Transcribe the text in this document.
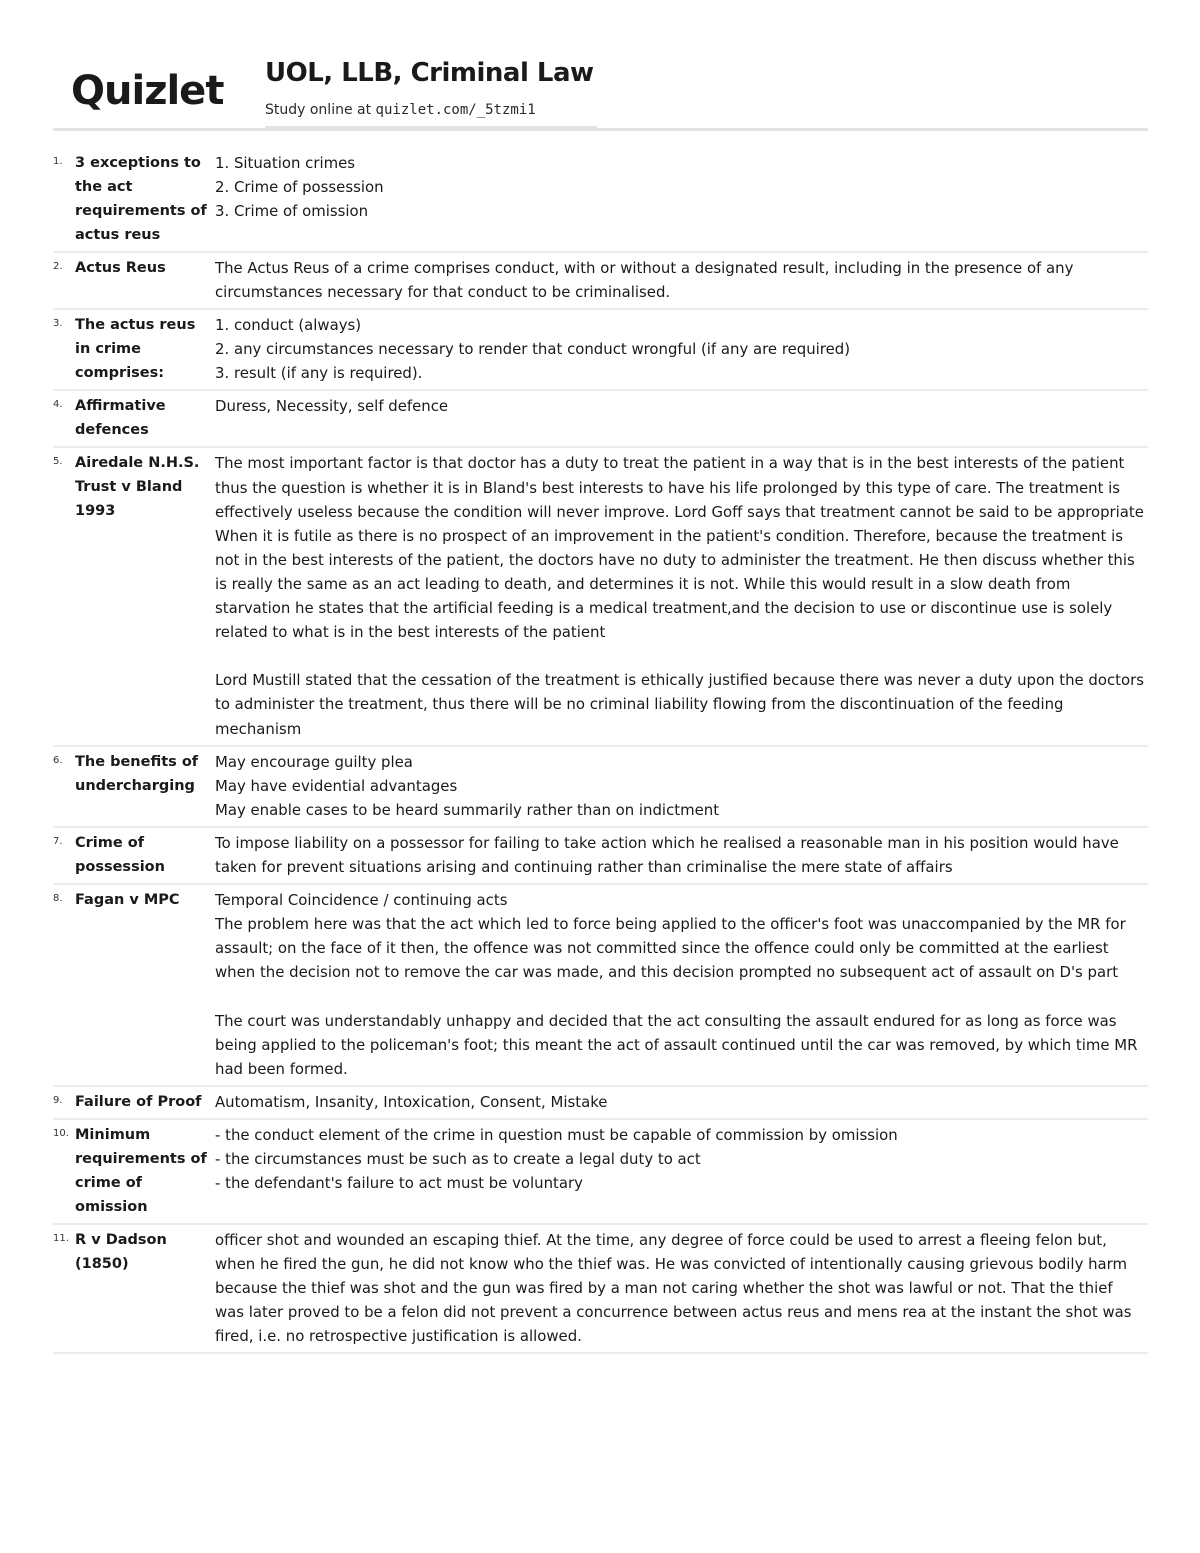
Quizlet UOL, LLB, Criminal Law
Study online at quizlet.com/_5tzmi1
1. 3 exceptions to the act requirements of actus reus
1. Situation crimes
2. Crime of possession
3. Crime of omission
2. Actus Reus	The Actus Reus of a crime comprises conduct, with or without a designated result, including in the presence of any circumstances necessary for that conduct to be criminalised.
3. The actus reus in crime comprises:
1. conduct (always)
2. any circumstances necessary to render that conduct wrongful (if any are required)
3. result (if any is required).
4. Affirmative defences
Duress, Necessity, self defence
5. Airedale N.H.S. Trust v Bland 1993
The most important factor is that doctor has a duty to treat the patient in a way that is in the best interests of the patient thus the question is whether it is in Bland's best interests to have his life prolonged by this type of care. The treatment is effectively useless because the condition will never improve. Lord Goff says that treatment cannot be said to be appropriate When it is futile as there is no prospect of an improvement in the patient's condition. Therefore, because the treatment is not in the best interests of the patient, the doctors have no duty to administer the treatment. He then discuss whether this is really the same as an act leading to death, and determines it is not. While this would result in a slow death from starvation he states that the artificial feeding is a medical treatment,and the decision to use or discontinue use is solely related to what is in the best interests of the patient

Lord Mustill stated that the cessation of the treatment is ethically justified because there was never a duty upon the doctors to administer the treatment, thus there will be no criminal liability flowing from the discontinuation of the feeding mechanism
6. The benefits of undercharging
May encourage guilty plea
May have evidential advantages
May enable cases to be heard summarily rather than on indictment
7. Crime of possession
To impose liability on a possessor for failing to take action which he realised a reasonable man in his position would have taken for prevent situations arising and continuing rather than criminalise the mere state of affairs
8. Fagan v MPC	Temporal Coincidence / continuing acts
The problem here was that the act which led to force being applied to the officer's foot was unaccompanied by the MR for assault; on the face of it then, the offence was not committed since the offence could only be committed at the earliest when the decision not to remove the car was made, and this decision prompted no subsequent act of assault on D's part

The court was understandably unhappy and decided that the act consulting the assault endured for as long as force was being applied to the policeman's foot; this meant the act of assault continued until the car was removed, by which time MR had been formed.
9. Failure of Proof Automatism, Insanity, Intoxication, Consent, Mistake
10. Minimum requirements of crime of omission
- the conduct element of the crime in question must be capable of commission by omission
- the circumstances must be such as to create a legal duty to act
- the defendant's failure to act must be voluntary
11. R v Dadson (1850)
officer shot and wounded an escaping thief. At the time, any degree of force could be used to arrest a fleeing felon but, when he fired the gun, he did not know who the thief was. He was convicted of intentionally causing grievous bodily harm because the thief was shot and the gun was fired by a man not caring whether the shot was lawful or not. That the thief was later proved to be a felon did not prevent a concurrence between actus reus and mens rea at the instant the shot was fired, i.e. no retrospective justification is allowed.
